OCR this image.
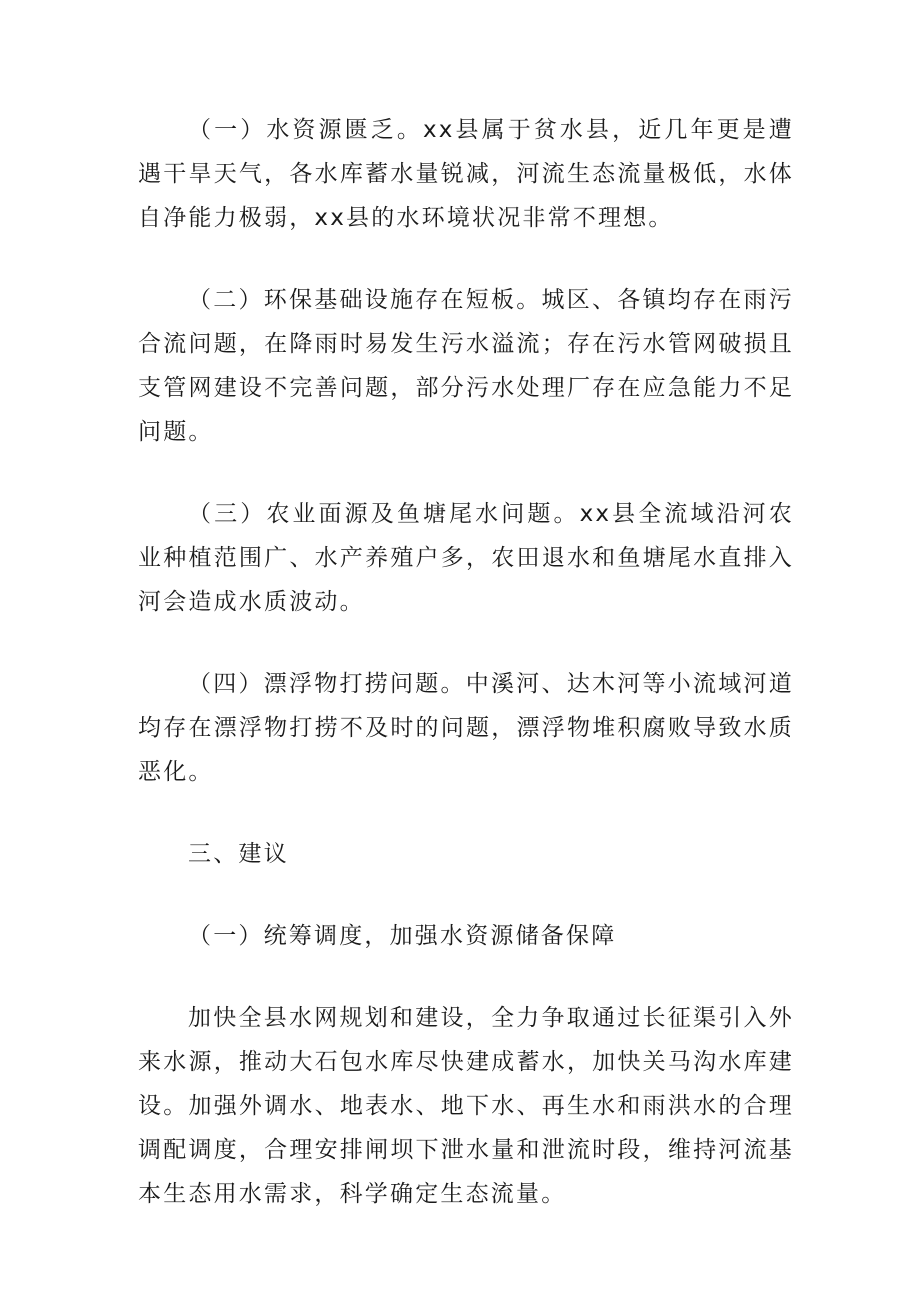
（一）水资源匮乏。xx县属于贫水县，近几年更是遭遇干旱天气，各水库蓄水量锐减，河流生态流量极低，水体自净能力极弱，xx县的水环境状况非常不理想。

（二）环保基础设施存在短板。城区、各镇均存在雨污合流问题，在降雨时易发生污水溢流；存在污水管网破损且支管网建设不完善问题，部分污水处理厂存在应急能力不足问题。

（三）农业面源及鱼塘尾水问题。xx县全流域沿河农业种植范围广、水产养殖户多，农田退水和鱼塘尾水直排入河会造成水质波动。

（四）漂浮物打捞问题。中溪河、达木河等小流域河道均存在漂浮物打捞不及时的问题，漂浮物堆积腐败导致水质恶化。

三、建议

（一）统筹调度，加强水资源储备保障

加快全县水网规划和建设，全力争取通过长征渠引入外来水源，推动大石包水库尽快建成蓄水，加快关马沟水库建设。加强外调水、地表水、地下水、再生水和雨洪水的合理调配调度，合理安排闸坝下泄水量和泄流时段，维持河流基本生态用水需求，科学确定生态流量。
